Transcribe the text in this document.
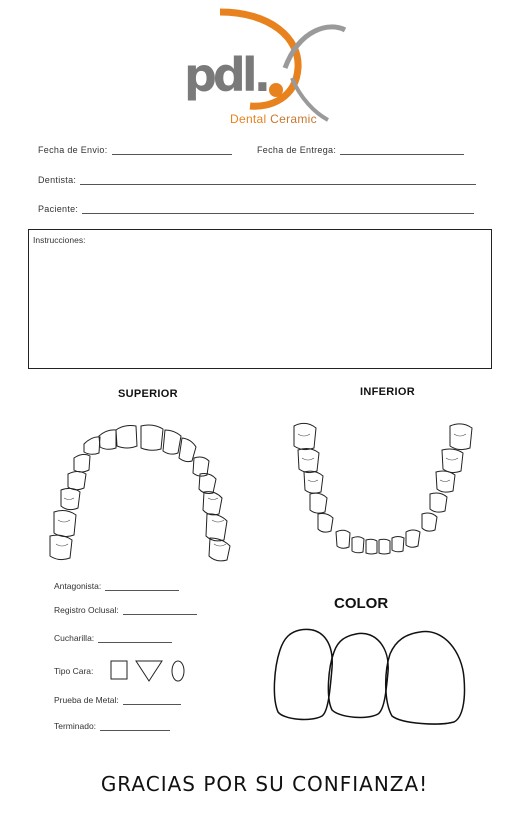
pdl.
Dental Ceramic
Fecha de Envio:	Fecha de Entrega:
Dentista:
Paciente:
Instrucciones:
SUPERIOR	INFERIOR
Antagonista:
Registro Oclusal:
Cucharilla:
Tipo Cara:
Prueba de Metal:
Terminado:
COLOR
GRACIAS POR SU CONFIANZA!
